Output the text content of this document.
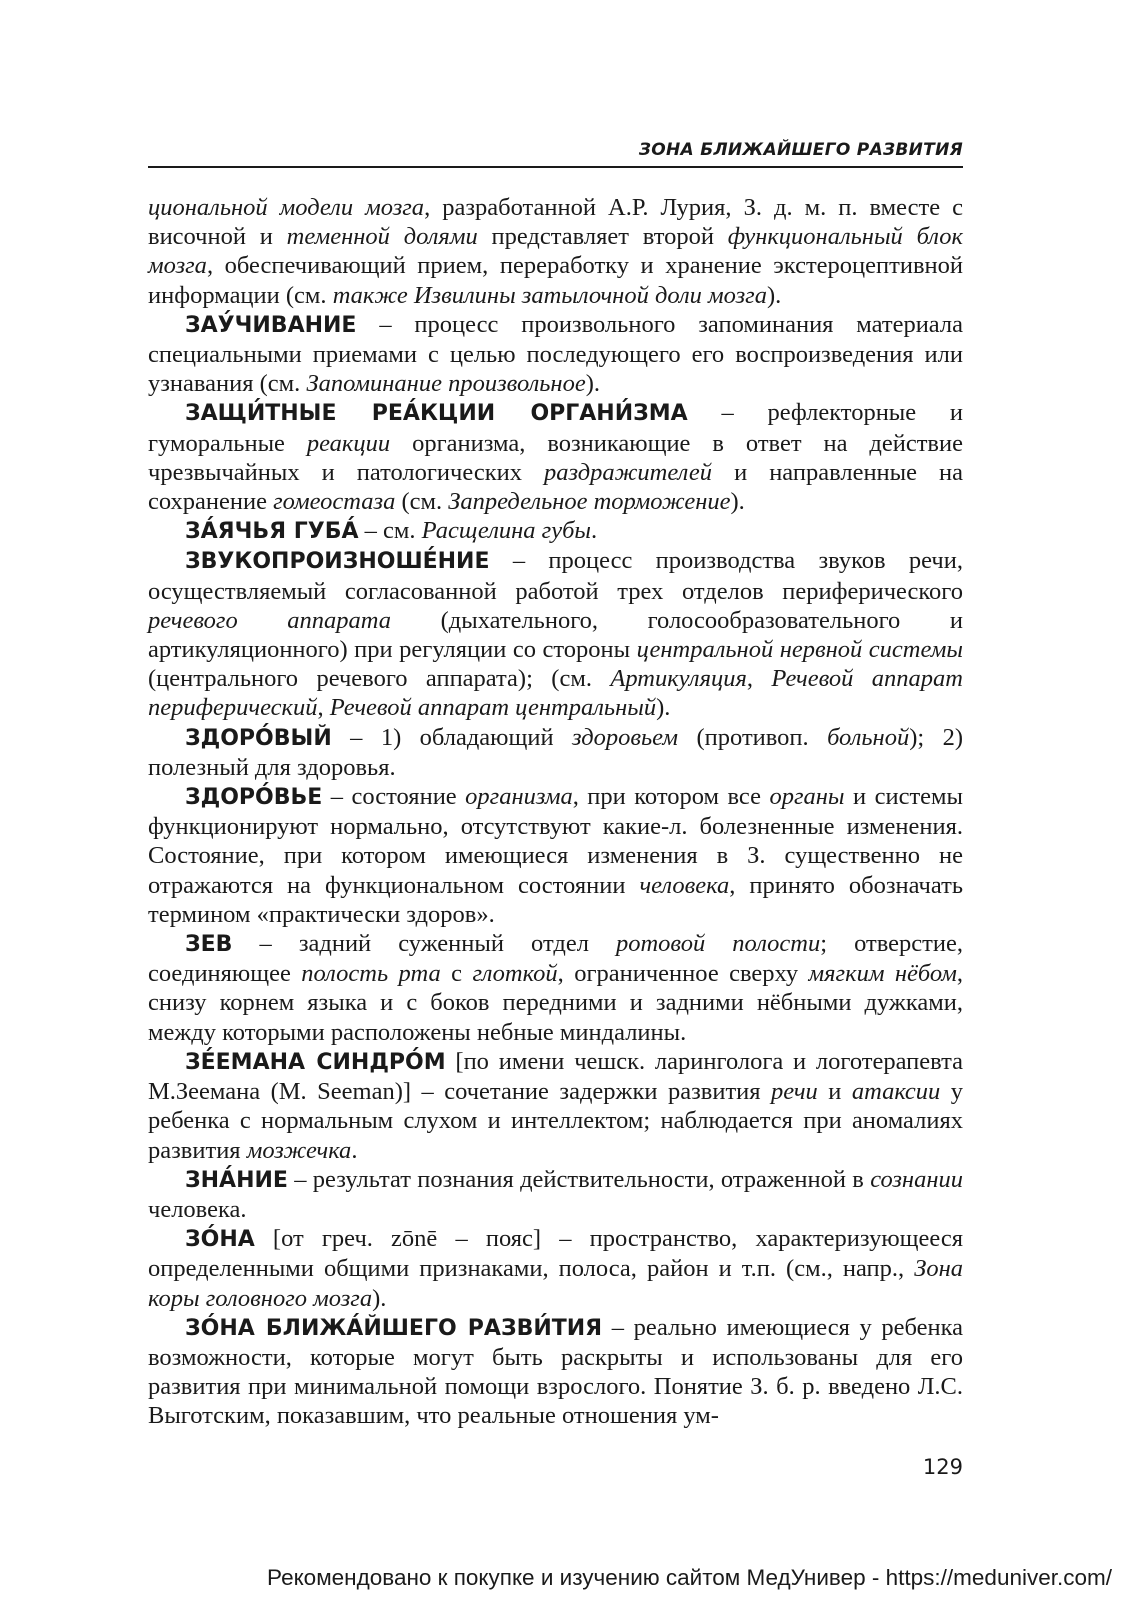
ЗОНА БЛИЖАЙШЕГО РАЗВИТИЯ

циональной модели мозга, разработанной А.Р. Лурия, З. д. м. п. вместе с височной и теменной долями представляет второй функциональный блок мозга, обеспечивающий прием, переработку и хранение экстероцептивной информации (см. также Извилины затылочной доли мозга).

ЗАУ́ЧИВАНИЕ – процесс произвольного запоминания материала специальными приемами с целью последующего его воспроизведения или узнавания (см. Запоминание произвольное).

ЗАЩИ́ТНЫЕ РЕА́КЦИИ ОРГАНИ́ЗМА – рефлекторные и гуморальные реакции организма, возникающие в ответ на действие чрезвычайных и патологических раздражителей и направленные на сохранение гомеостаза (см. Запредельное торможение).

ЗА́ЯЧЬЯ ГУБА́ – см. Расщелина губы.

ЗВУКОПРОИЗНОШЕ́НИЕ – процесс производства звуков речи, осуществляемый согласованной работой трех отделов периферического речевого аппарата (дыхательного, голосообразовательного и артикуляционного) при регуляции со стороны центральной нервной системы (центрального речевого аппарата); (см. Артикуляция, Речевой аппарат периферический, Речевой аппарат центральный).

ЗДОРО́ВЫЙ – 1) обладающий здоровьем (противоп. больной); 2) полезный для здоровья.

ЗДОРО́ВЬЕ – состояние организма, при котором все органы и системы функционируют нормально, отсутствуют какие-л. болезненные изменения. Состояние, при котором имеющиеся изменения в З. существенно не отражаются на функциональном состоянии человека, принято обозначать термином «практически здоров».

ЗЕВ – задний суженный отдел ротовой полости; отверстие, соединяющее полость рта с глоткой, ограниченное сверху мягким нёбом, снизу корнем языка и с боков передними и задними нёбными дужками, между которыми расположены небные миндалины.

ЗЕ́ЕМАНА СИНДРО́М [по имени чешск. ларинголога и логотерапевта М.Зеемана (M. Seeman)] – сочетание задержки развития речи и атаксии у ребенка с нормальным слухом и интеллектом; наблюдается при аномалиях развития мозжечка.

ЗНА́НИЕ – результат познания действительности, отраженной в сознании человека.

ЗО́НА [от греч. zōnē – пояс] – пространство, характеризующееся определенными общими признаками, полоса, район и т.п. (см., напр., Зона коры головного мозга).

ЗО́НА БЛИЖА́ЙШЕГО РАЗВИ́ТИЯ – реально имеющиеся у ребенка возможности, которые могут быть раскрыты и использованы для его развития при минимальной помощи взрослого. Понятие З. б. р. введено Л.С. Выготским, показавшим, что реальные отношения ум-

129
Рекомендовано к покупке и изучению сайтом МедУнивер - https://meduniver.com/
